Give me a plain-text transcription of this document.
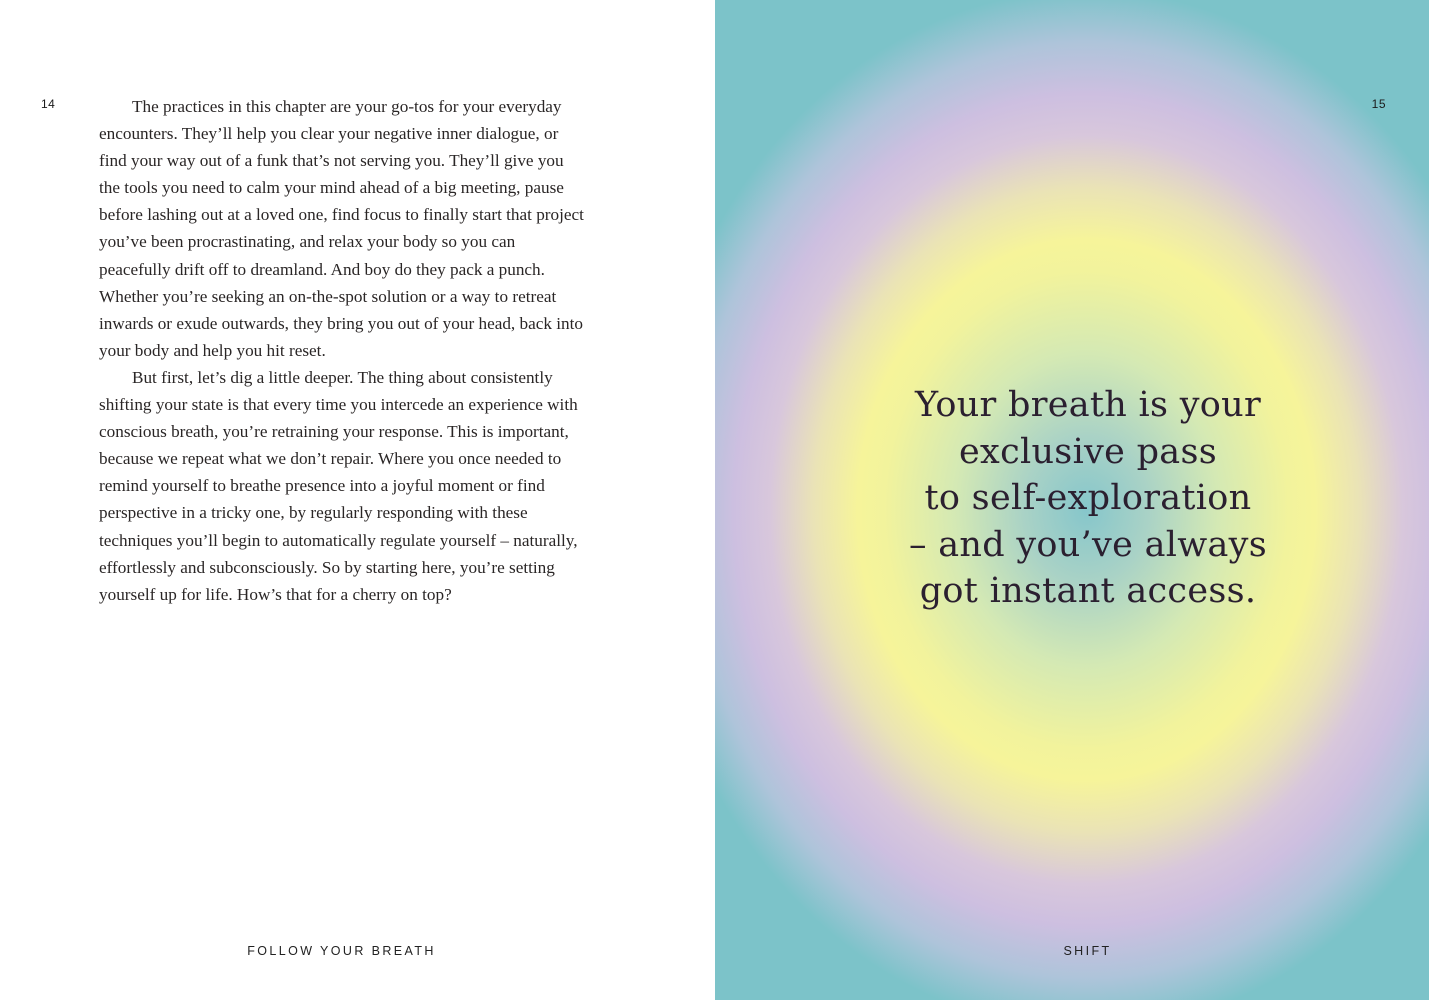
14	The practices in this chapter are your go-tos for your everyday encounters. They’ll help you clear your negative inner dialogue, or find your way out of a funk that’s not serving you. They’ll give you the tools you need to calm your mind ahead of a big meeting, pause before lashing out at a loved one, find focus to finally start that project you’ve been procrastinating, and relax your body so you can peacefully drift off to dreamland. And boy do they pack a punch. Whether you’re seeking an on-the-spot solution or a way to retreat inwards or exude outwards, they bring you out of your head, back into your body and help you hit reset.

But first, let’s dig a little deeper. The thing about consistently shifting your state is that every time you intercede an experience with conscious breath, you’re retraining your response. This is important, because we repeat what we don’t repair. Where you once needed to remind yourself to breathe presence into a joyful moment or find perspective in a tricky one, by regularly responding with these techniques you’ll begin to automatically regulate yourself – naturally, effortlessly and subconsciously. So by starting here, you’re setting yourself up for life. How’s that for a cherry on top?

FOLLOW YOUR BREATH

15

Your breath is your
exclusive pass
to self-exploration
– and you’ve always
got instant access.

SHIFT
